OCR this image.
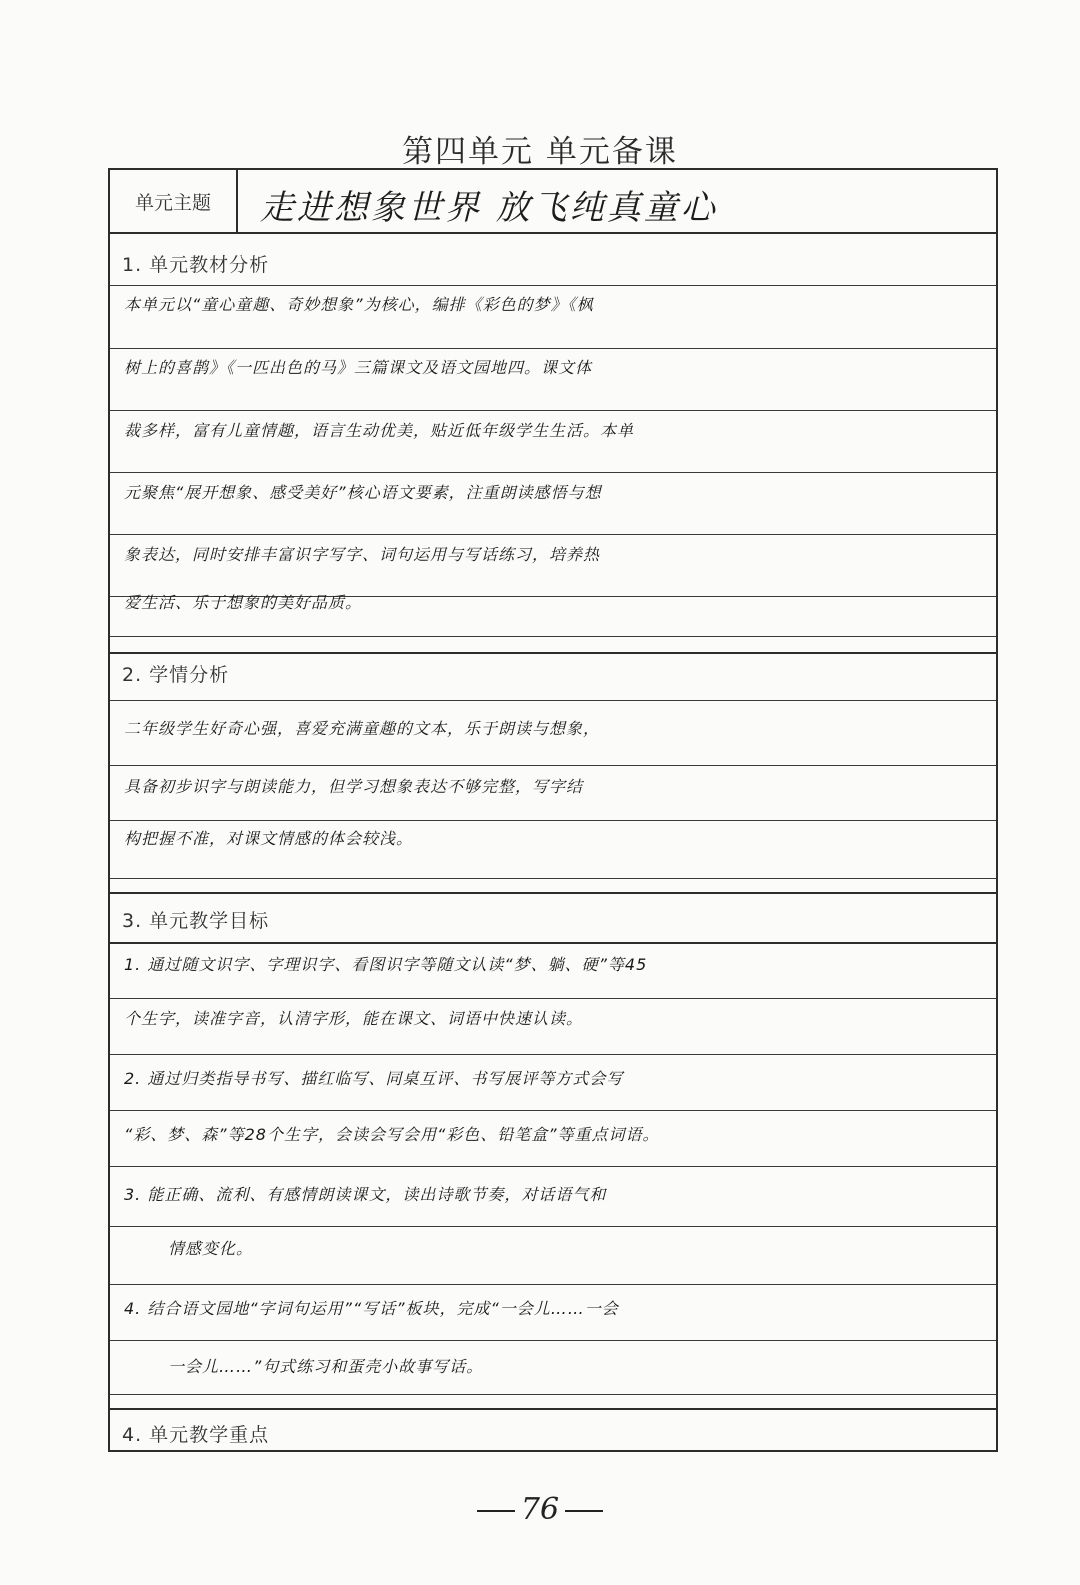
第四单元 单元备课
单元主题	走进想象世界 放飞纯真童心
1. 单元教材分析
本单元以“童心童趣、奇妙想象”为核心，编排《彩色的梦》《枫
树上的喜鹊》《一匹出色的马》三篇课文及语文园地四。课文体
裁多样，富有儿童情趣，语言生动优美，贴近低年级学生生活。本单
元聚焦“展开想象、感受美好”核心语文要素，注重朗读感悟与想
象表达，同时安排丰富识字写字、词句运用与写话练习，培养热
爱生活、乐于想象的美好品质。
2. 学情分析
二年级学生好奇心强，喜爱充满童趣的文本，乐于朗读与想象，
具备初步识字与朗读能力，但学习想象表达不够完整，写字结
构把握不准，对课文情感的体会较浅。
3. 单元教学目标
1. 通过随文识字、字理识字、看图识字等随文认读“梦、躺、硬”等45
个生字，读准字音，认清字形，能在课文、词语中快速认读。
2. 通过归类指导书写、描红临写、同桌互评、书写展评等方式会写
“彩、梦、森”等28个生字，会读会写会用“彩色、铅笔盒”等重点词语。
3. 能正确、流利、有感情朗读课文，读出诗歌节奏，对话语气和
情感变化。
4. 结合语文园地“字词句运用”“写话”板块，完成“一会儿……一会
一会儿……”句式练习和蛋壳小故事写话。
4. 单元教学重点
76
